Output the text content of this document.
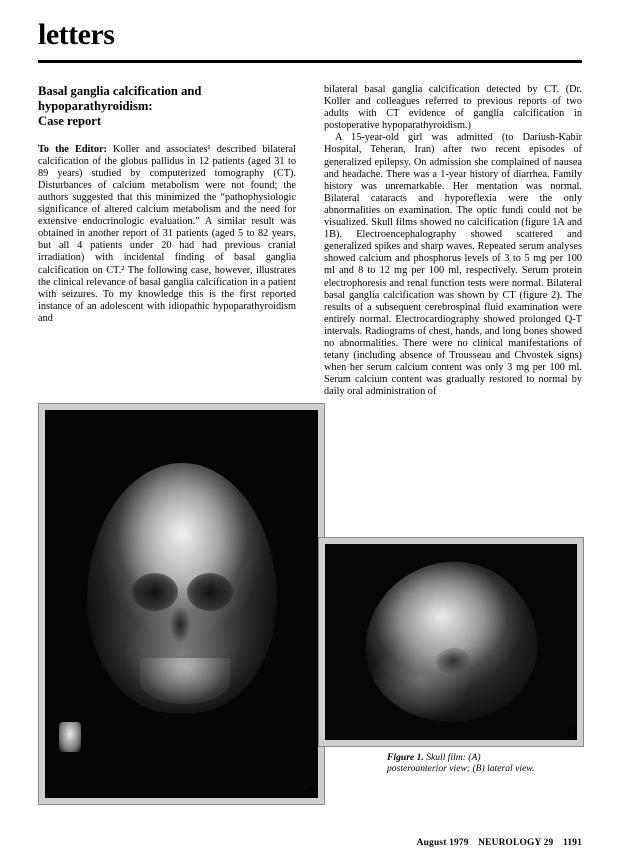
letters
Basal ganglia calcification and
hypoparathyroidism:
Case report

To the Editor: Koller and associates¹ described bilateral calcification of the globus pallidus in 12 patients (aged 31 to 89 years) studied by computerized tomography (CT). Disturbances of calcium metabolism were not found; the authors suggested that this minimized the “pathophysiologic significance of altered calcium metabolism and the need for extensive endocrinologic evaluation.” A similar result was obtained in another report of 31 patients (aged 5 to 82 years, but all 4 patients under 20 had had previous cranial irradiation) with incidental finding of basal ganglia calcification on CT.² The following case, however, illustrates the clinical relevance of basal ganglia calcification in a patient with seizures. To my knowledge this is the first reported instance of an adolescent with idiopathic hypoparathyroidism and

bilateral basal ganglia calcification detected by CT. (Dr. Koller and colleagues referred to previous reports of two adults with CT evidence of ganglia calcification in postoperative hypoparathyroidism.)

A 15-year-old girl was admitted (to Dariush-Kabir Hospital, Teheran, Iran) after two recent episodes of generalized epilepsy. On admission she complained of nausea and headache. There was a 1-year history of diarrhea. Family history was unremarkable. Her mentation was normal. Bilateral cataracts and hyporeflexia were the only abnormalities on examination. The optic fundi could not be visualized. Skull films showed no calcification (figure 1A and 1B). Electroencephalography showed scattered and generalized spikes and sharp waves. Repeated serum analyses showed calcium and phosphorus levels of 3 to 5 mg per 100 ml and 8 to 12 mg per 100 ml, respectively. Serum protein electrophoresis and renal function tests were normal. Bilateral basal ganglia calcification was shown by CT (figure 2). The results of a subsequent cerebrospinal fluid examination were entirely normal. Electrocardiography showed prolonged Q-T intervals. Radiograms of chest, hands, and long bones showed no abnormalities. There were no clinical manifestations of tetany (including absence of Trousseau and Chvostek signs) when her serum calcium content was only 3 mg per 100 ml. Serum calcium content was gradually restored to normal by daily oral administration of

A
B
Figure 1. Skull film: (A) posteroanterior view; (B) lateral view.
August 1979 NEUROLOGY 29 1191
